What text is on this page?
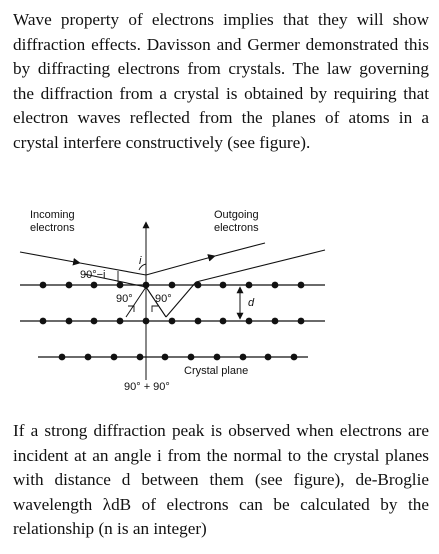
Wave property of electrons implies that they will show diffraction effects. Davisson and Germer demonstrated this by diffracting electrons from crystals. The law governing the diffraction from a crystal is obtained by requiring that electron waves reflected from the planes of atoms in a crystal interfere constructively (see figure).
Incoming
electrons
Outgoing
electrons
90°−i
i
90° 90°	d
Crystal plane
90° + 90°
If a strong diffraction peak is observed when electrons are incident at an angle i from the normal to the crystal planes with distance d between them (see figure), de-Broglie wavelength λdB of electrons can be calculated by the relationship (n is an integer)
